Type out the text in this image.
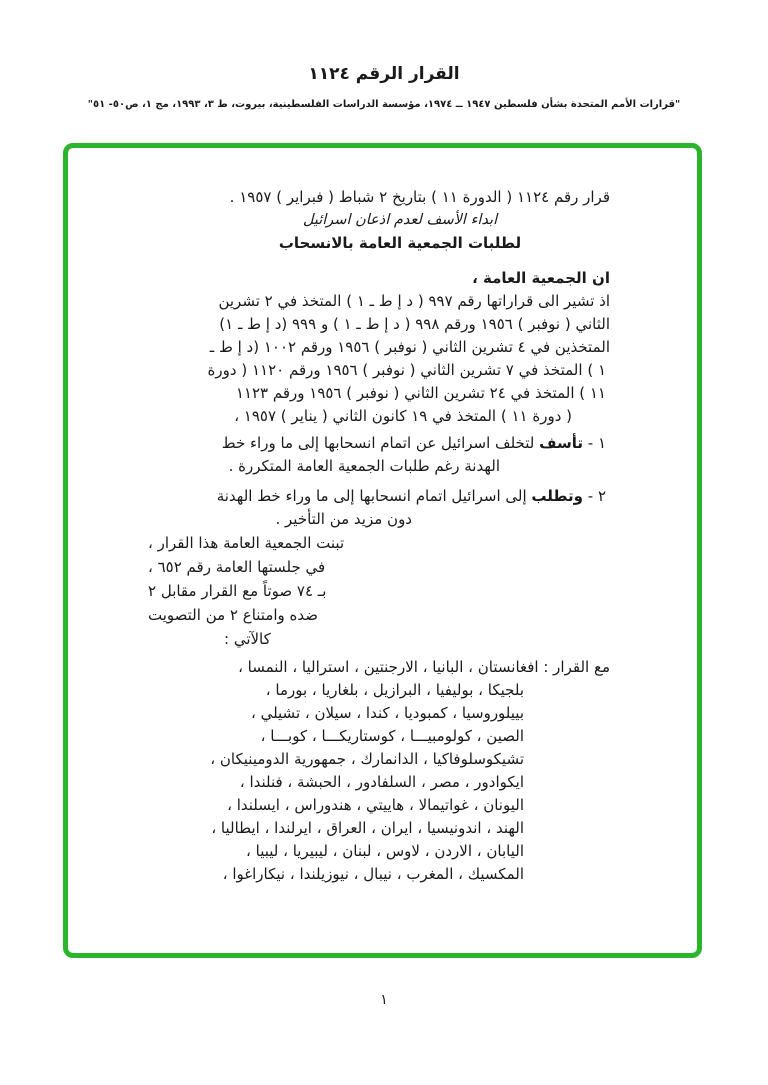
القرار الرقم ١١٢٤
"قرارات الأمم المتحدة بشأن فلسطين ١٩٤٧ ــ ١٩٧٤، مؤسسة الدراسات الفلسطينية، بيروت، ط ٣، ١٩٩٣، مج ١، ص٥٠- ٥١"
قرار رقم ١١٢٤ ( الدورة ١١ ) بتاريخ ٢ شباط ( فبراير ) ١٩٥٧ .
ابداء الأسف لعدم اذعان اسرائيل
لطلبات الجمعية العامة بالانسحاب
ان الجمعية العامة ،
اذ تشير الى قراراتها رقم ٩٩٧ ( د إ ط ـ ١ ) المتخذ في ٢ تشرين
الثاني ( نوفبر ) ١٩٥٦ ورقم ٩٩٨ ( د إ ط ـ ١ ) و ٩٩٩ (د إ ط ـ ١)
المتخذين في ٤ تشرين الثاني ( نوفبر ) ١٩٥٦ ورقم ١٠٠٢ (د إ ط ـ
١ ) المتخذ في ٧ تشرين الثاني ( نوفبر ) ١٩٥٦ ورقم ١١٢٠ ( دورة
١١ ) المتخذ في ٢٤ تشرين الثاني ( نوفبر ) ١٩٥٦ ورقم ١١٢٣
( دورة ١١ ) المتخذ في ١٩ كانون الثاني ( يناير ) ١٩٥٧ ،
١ - تأسف لتخلف اسرائيل عن اتمام انسحابها إلى ما وراء خط
الهدنة رغم طلبات الجمعية العامة المتكررة .
٢ - وتطلب إلى اسرائيل اتمام انسحابها إلى ما وراء خط الهدنة
دون مزيد من التأخير .
تبنت الجمعية العامة هذا القرار ،
في جلستها العامة رقم ٦٥٢ ،
بـ ٧٤ صوتاً مع القرار مقابل ٢
ضده وامتناع ٢ من التصويت
كالآتي :
مع القرار : افغانستان ، البانيا ، الارجنتين ، استراليا ، النمسا ،
بلجيكا ، بوليفيا ، البرازيل ، بلغاريا ، بورما ،
بييلوروسيا ، كمبوديا ، كندا ، سيلان ، تشيلي ،
الصين ، كولومبيـــا ، كوستاريكـــا ، كوبـــا ،
تشيكوسلوفاكيا ، الدانمارك ، جمهورية الدومينيكان ،
ايكوادور ، مصر ، السلفادور ، الحبشة ، فنلندا ،
اليونان ، غواتيمالا ، هاييتي ، هندوراس ، ايسلندا ،
الهند ، اندونيسيا ، ايران ، العراق ، ايرلندا ، ايطاليا ،
اليابان ، الاردن ، لاوس ، لبنان ، ليبيريا ، ليبيا ،
المكسيك ، المغرب ، نيبال ، نيوزيلندا ، نيكاراغوا ،
١
